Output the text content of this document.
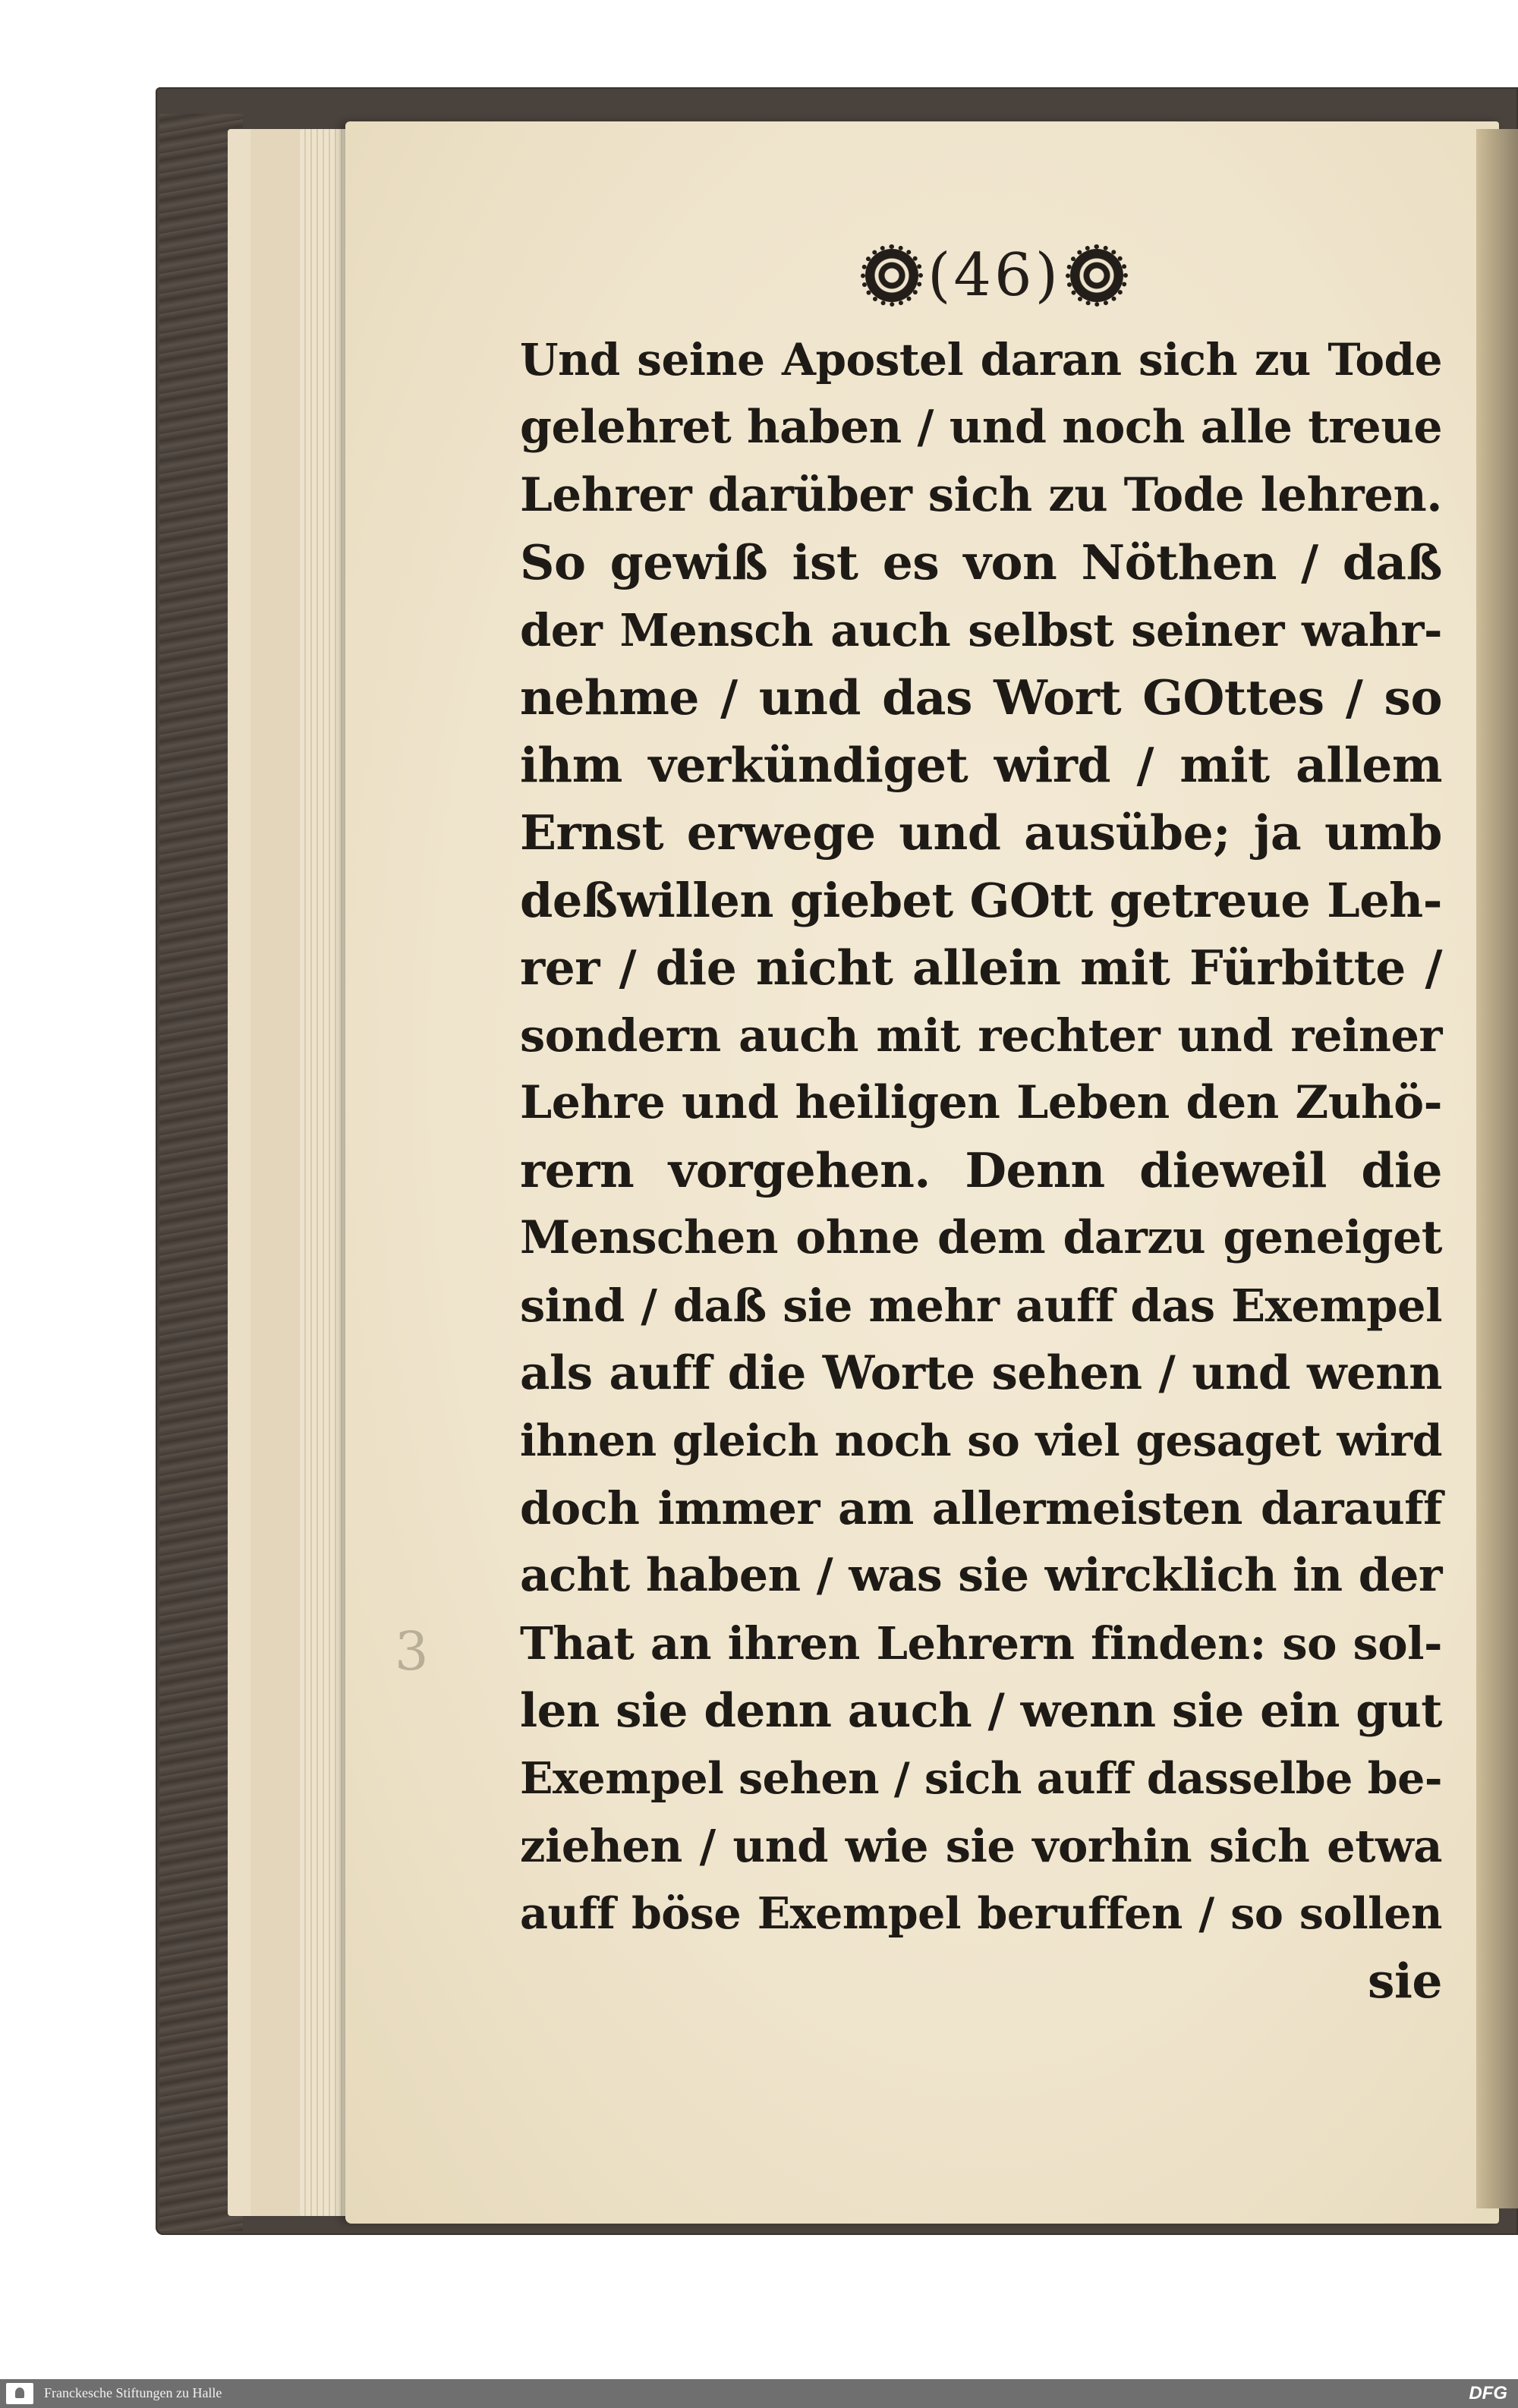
(46)
3
Und seine Apostel daran sich zu Tode
gelehret haben / und noch alle treue
Lehrer darüber sich zu Tode lehren.
So gewiß ist es von Nöthen / daß
der Mensch auch selbst seiner wahr-
nehme / und das Wort GOttes / so
ihm verkündiget wird / mit allem
Ernst erwege und ausübe; ja umb
deßwillen giebet GOtt getreue Leh-
rer / die nicht allein mit Fürbitte /
sondern auch mit rechter und reiner
Lehre und heiligen Leben den Zuhö-
rern vorgehen. Denn dieweil die
Menschen ohne dem darzu geneiget
sind / daß sie mehr auff das Exempel
als auff die Worte sehen / und wenn
ihnen gleich noch so viel gesaget wird
doch immer am allermeisten darauff
acht haben / was sie wircklich in der
That an ihren Lehrern finden: so sol-
len sie denn auch / wenn sie ein gut
Exempel sehen / sich auff dasselbe be-
ziehen / und wie sie vorhin sich etwa
auff böse Exempel beruffen / so sollen
sie
Franckesche Stiftungen zu Halle	DFG
